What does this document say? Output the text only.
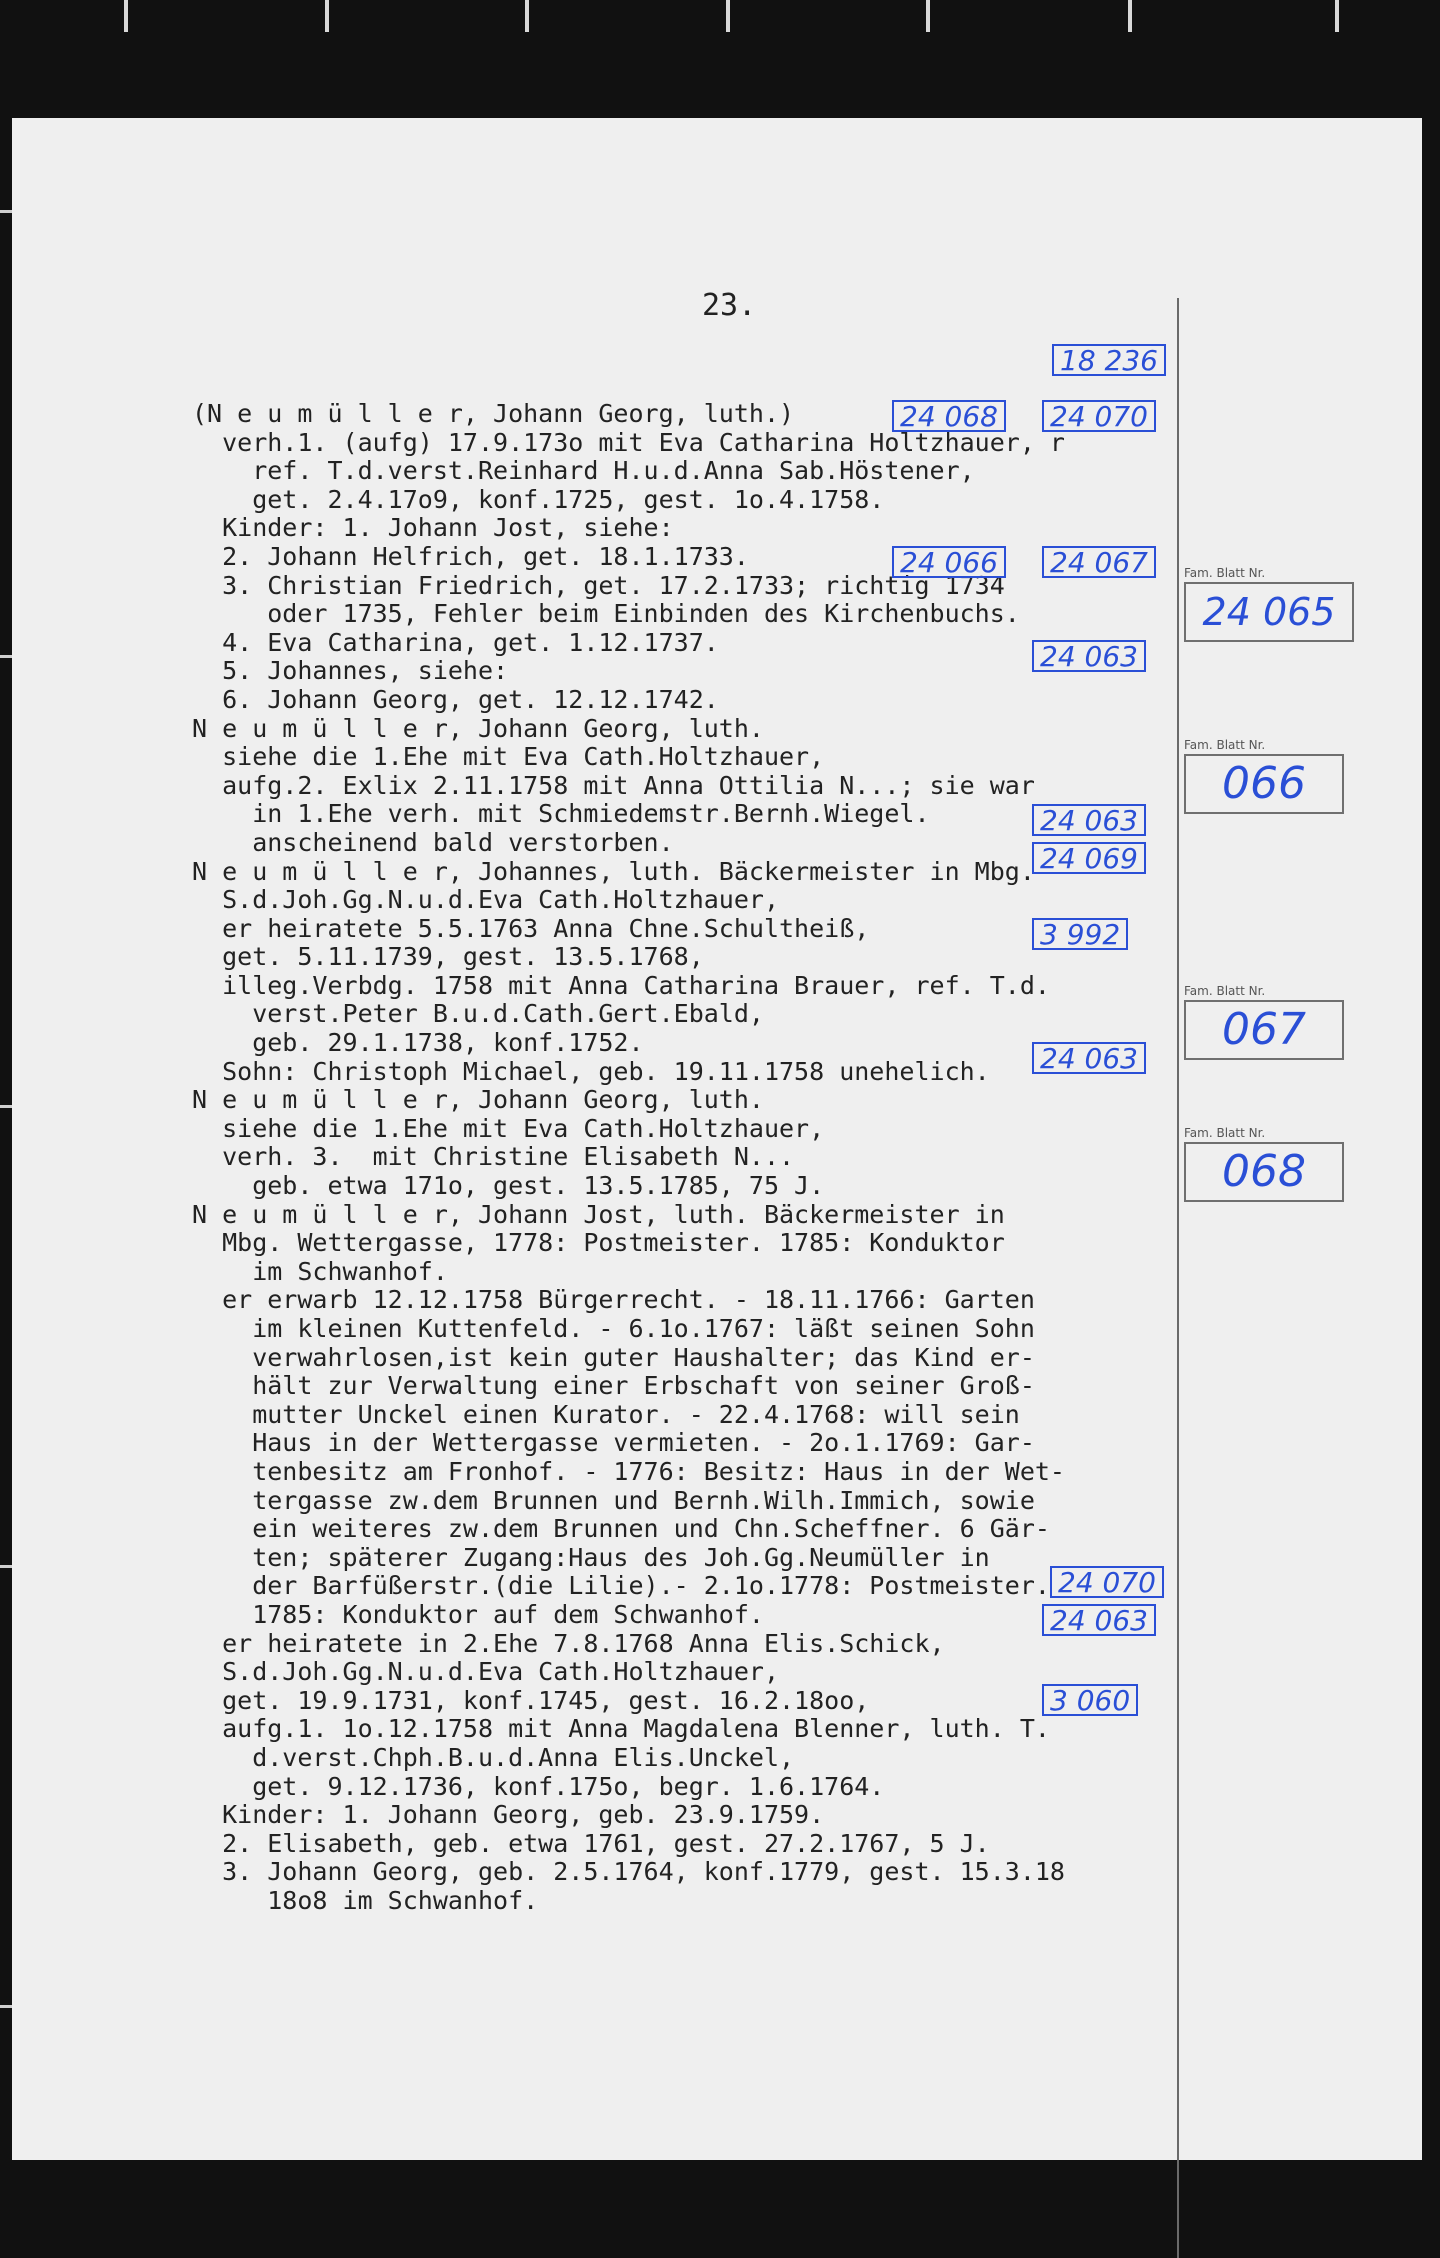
23.
(N e u m ü l l e r, Johann Georg, luth.)
verh.1. (aufg) 17.9.173o mit Eva Catharina Holtzhauer, r
ref. T.d.verst.Reinhard H.u.d.Anna Sab.Höstener,
get. 2.4.17o9, konf.1725, gest. 1o.4.1758.
Kinder: 1. Johann Jost, siehe:
2. Johann Helfrich, get. 18.1.1733.
3. Christian Friedrich, get. 17.2.1733; richtig 1734
oder 1735, Fehler beim Einbinden des Kirchenbuchs.
4. Eva Catharina, get. 1.12.1737.
5. Johannes, siehe:
6. Johann Georg, get. 12.12.1742.
N e u m ü l l e r, Johann Georg, luth.
siehe die 1.Ehe mit Eva Cath.Holtzhauer,
aufg.2. Exlix 2.11.1758 mit Anna Ottilia N...; sie war
in 1.Ehe verh. mit Schmiedemstr.Bernh.Wiegel.
anscheinend bald verstorben.
N e u m ü l l e r, Johannes, luth. Bäckermeister in Mbg.
S.d.Joh.Gg.N.u.d.Eva Cath.Holtzhauer,
er heiratete 5.5.1763 Anna Chne.Schultheiß,
get. 5.11.1739, gest. 13.5.1768,
illeg.Verbdg. 1758 mit Anna Catharina Brauer, ref. T.d.
verst.Peter B.u.d.Cath.Gert.Ebald,
geb. 29.1.1738, konf.1752.
Sohn: Christoph Michael, geb. 19.11.1758 unehelich.
N e u m ü l l e r, Johann Georg, luth.
siehe die 1.Ehe mit Eva Cath.Holtzhauer,
verh. 3.  mit Christine Elisabeth N...
geb. etwa 171o, gest. 13.5.1785, 75 J.
N e u m ü l l e r, Johann Jost, luth. Bäckermeister in
Mbg. Wettergasse, 1778: Postmeister. 1785: Konduktor
im Schwanhof.
er erwarb 12.12.1758 Bürgerrecht. - 18.11.1766: Garten
im kleinen Kuttenfeld. - 6.1o.1767: läßt seinen Sohn
verwahrlosen,ist kein guter Haushalter; das Kind er-
hält zur Verwaltung einer Erbschaft von seiner Groß-
mutter Unckel einen Kurator. - 22.4.1768: will sein
Haus in der Wettergasse vermieten. - 2o.1.1769: Gar-
tenbesitz am Fronhof. - 1776: Besitz: Haus in der Wet-
tergasse zw.dem Brunnen und Bernh.Wilh.Immich, sowie
ein weiteres zw.dem Brunnen und Chn.Scheffner. 6 Gär-
ten; späterer Zugang:Haus des Joh.Gg.Neumüller in
der Barfüßerstr.(die Lilie).- 2.1o.1778: Postmeister.
1785: Konduktor auf dem Schwanhof.
er heiratete in 2.Ehe 7.8.1768 Anna Elis.Schick,
S.d.Joh.Gg.N.u.d.Eva Cath.Holtzhauer,
get. 19.9.1731, konf.1745, gest. 16.2.18oo,
aufg.1. 1o.12.1758 mit Anna Magdalena Blenner, luth. T.
d.verst.Chph.B.u.d.Anna Elis.Unckel,
get. 9.12.1736, konf.175o, begr. 1.6.1764.
Kinder: 1. Johann Georg, geb. 23.9.1759.
2. Elisabeth, geb. etwa 1761, gest. 27.2.1767, 5 J.
3. Johann Georg, geb. 2.5.1764, konf.1779, gest. 15.3.18
18o8 im Schwanhof.
18 236
24 068 24 070
24 066 24 067
24 063
24 063
24 069
3 992
24 063
24 070
24 063
3 060
Fam. Blatt Nr.
24 065
Fam. Blatt Nr.
066
Fam. Blatt Nr.
067
Fam. Blatt Nr.
068
